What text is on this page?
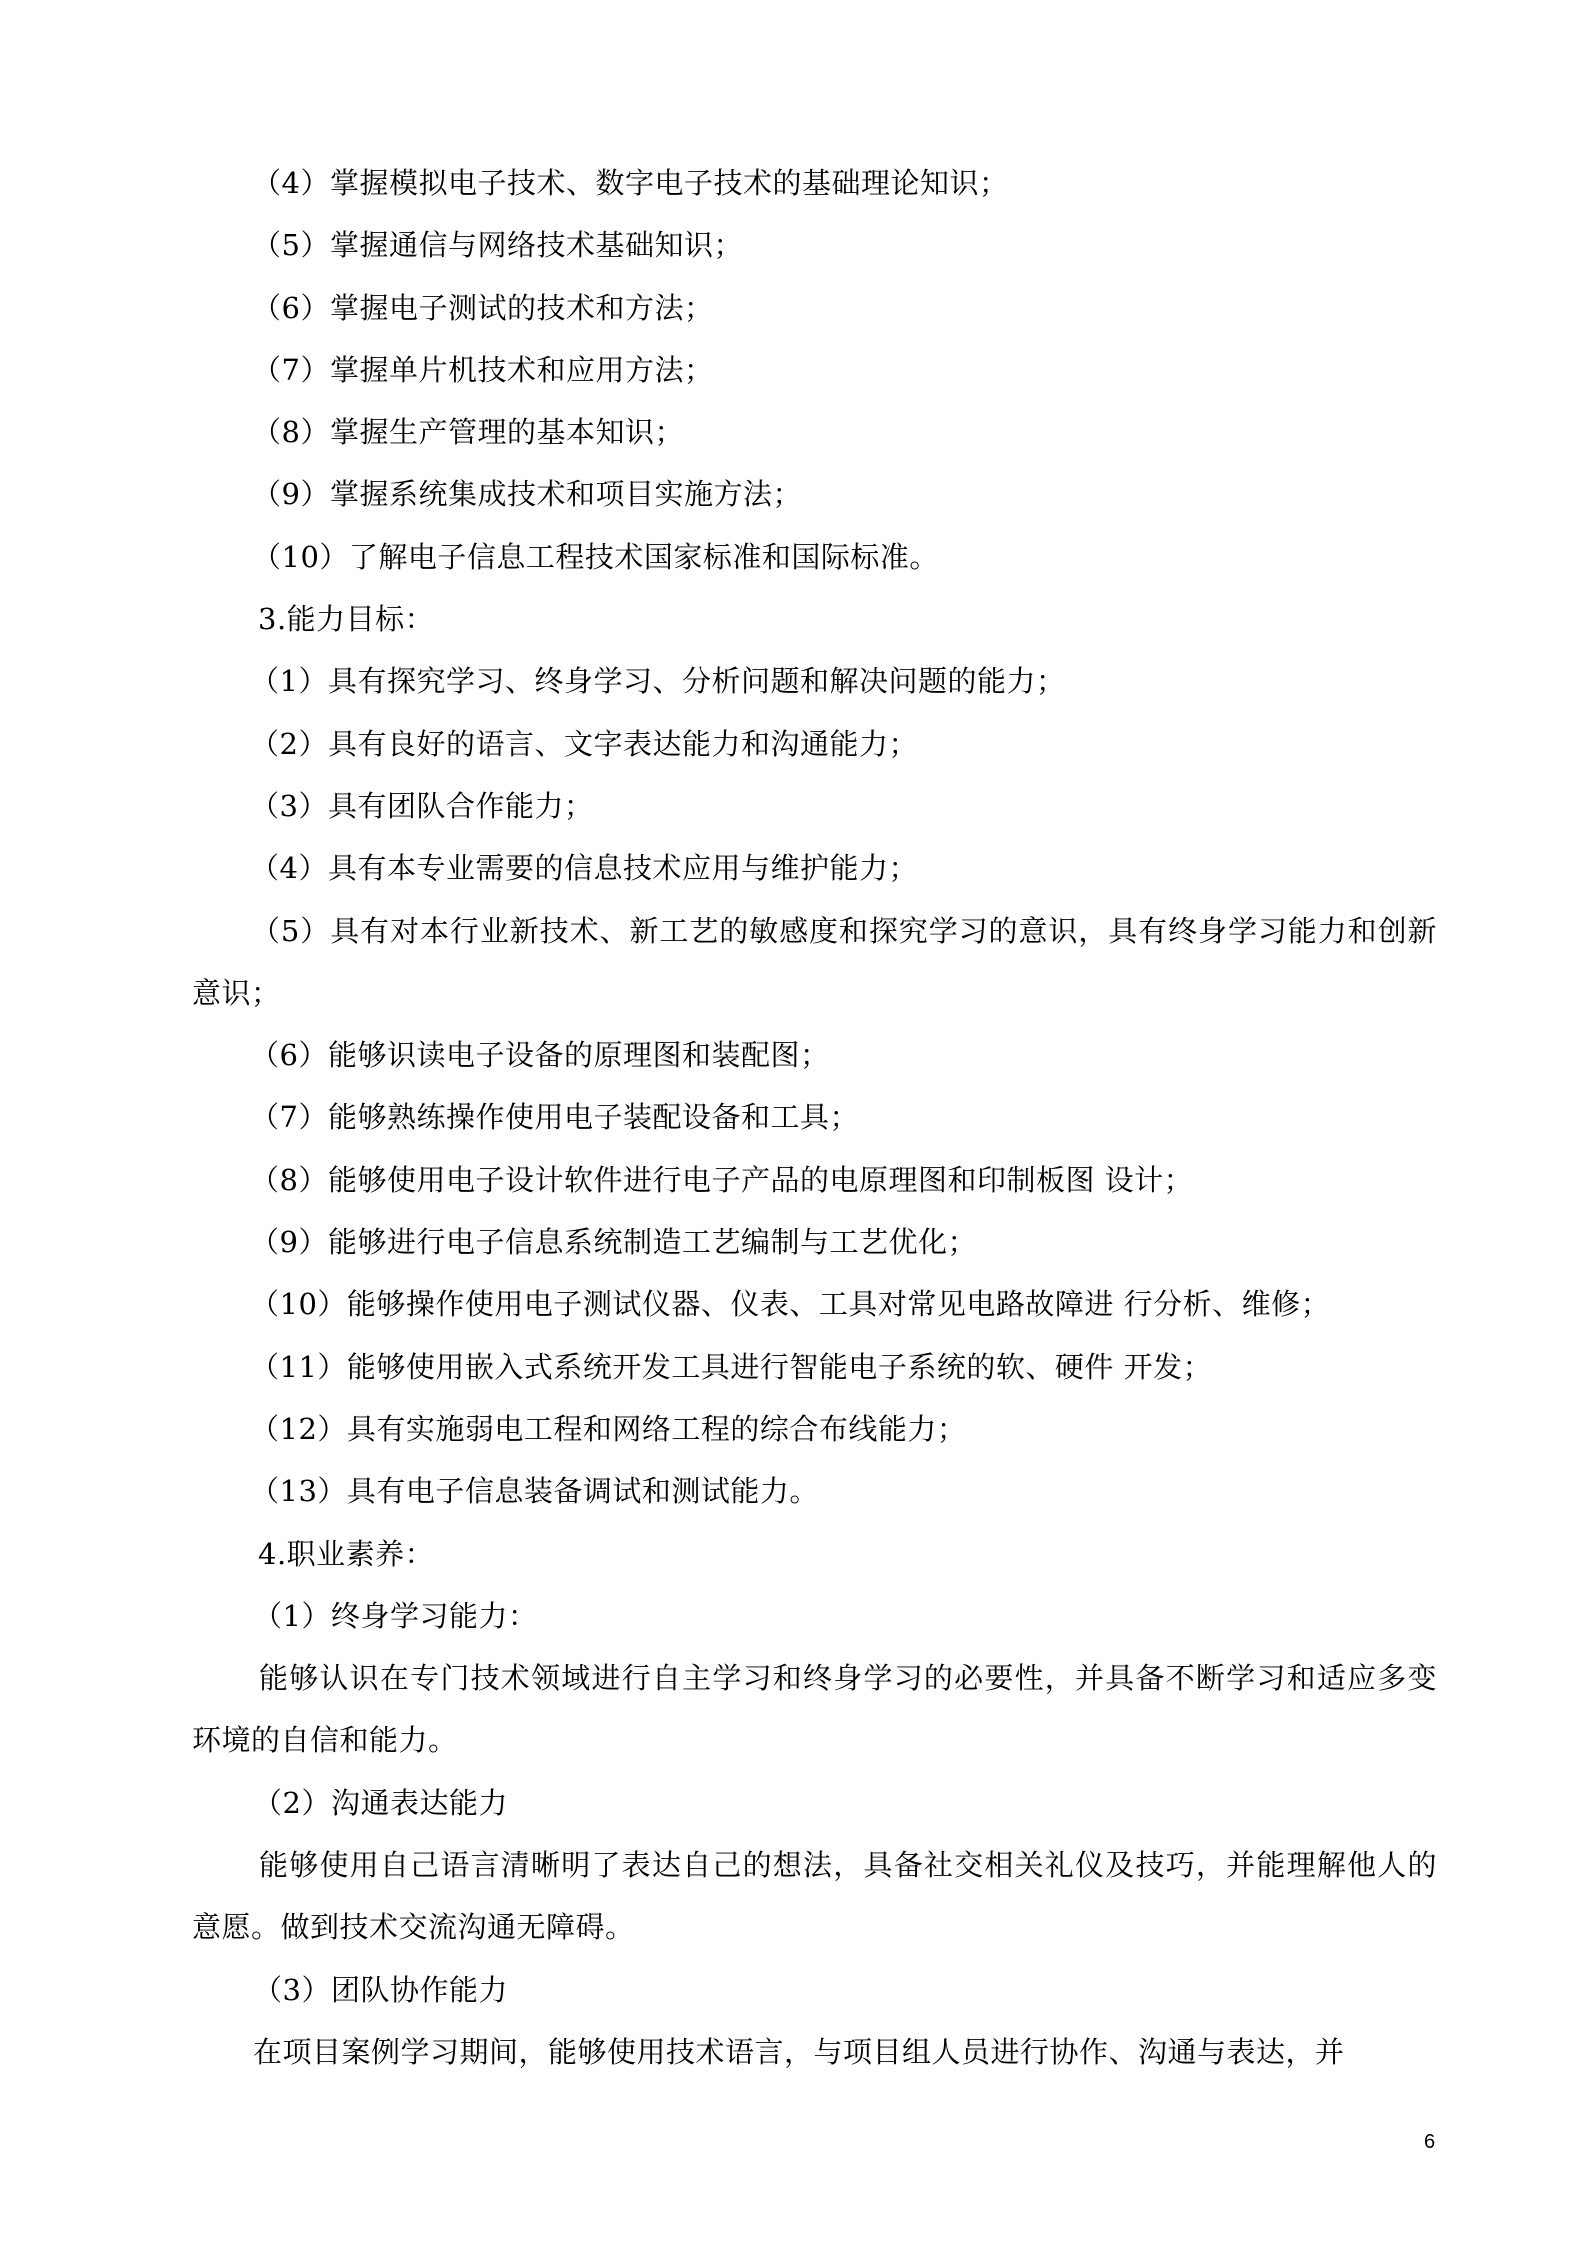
（4）掌握模拟电子技术、数字电子技术的基础理论知识；

（5）掌握通信与网络技术基础知识；

（6）掌握电子测试的技术和方法；

（7）掌握单片机技术和应用方法；

（8）掌握生产管理的基本知识；

（9）掌握系统集成技术和项目实施方法；

（10）了解电子信息工程技术国家标准和国际标准。

3.能力目标：

（1）具有探究学习、终身学习、分析问题和解决问题的能力；

（2）具有良好的语言、文字表达能力和沟通能力；

（3）具有团队合作能力；

（4）具有本专业需要的信息技术应用与维护能力；

（5）具有对本行业新技术、新工艺的敏感度和探究学习的意识，具有终身学习能力和创新意识；

（6）能够识读电子设备的原理图和装配图；

（7）能够熟练操作使用电子装配设备和工具；

（8）能够使用电子设计软件进行电子产品的电原理图和印制板图 设计；

（9）能够进行电子信息系统制造工艺编制与工艺优化；

（10）能够操作使用电子测试仪器、仪表、工具对常见电路故障进 行分析、维修；

（11）能够使用嵌入式系统开发工具进行智能电子系统的软、硬件 开发；

（12）具有实施弱电工程和网络工程的综合布线能力；

（13）具有电子信息装备调试和测试能力。

4.职业素养：

（1）终身学习能力：

能够认识在专门技术领域进行自主学习和终身学习的必要性，并具备不断学习和适应多变环境的自信和能力。

（2）沟通表达能力

能够使用自己语言清晰明了表达自己的想法，具备社交相关礼仪及技巧，并能理解他人的意愿。做到技术交流沟通无障碍。

（3）团队协作能力

在项目案例学习期间，能够使用技术语言，与项目组人员进行协作、沟通与表达，并

6
